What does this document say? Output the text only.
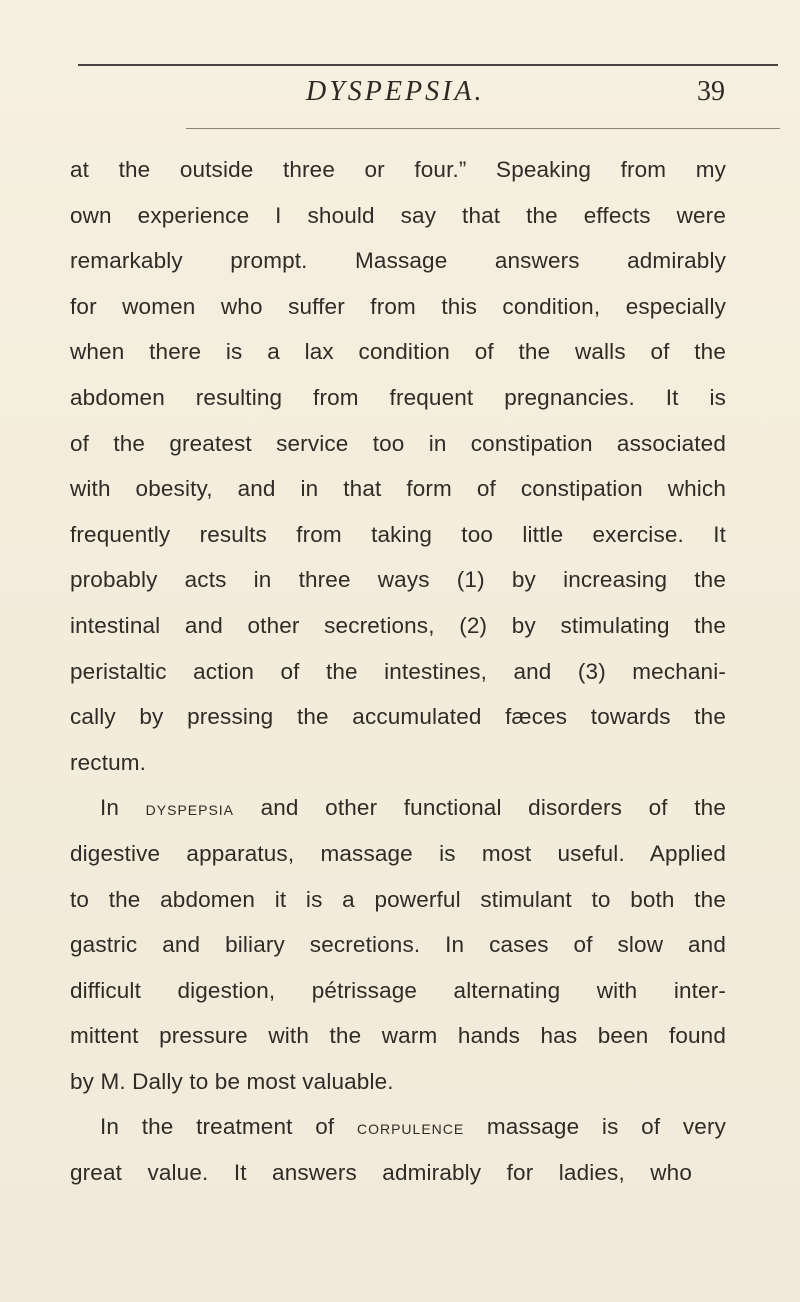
DYSPEPSIA.	39
at the outside three or four.” Speaking from my
own experience I should say that the effects were
remarkably prompt. Massage answers admirably
for women who suffer from this condition, especially
when there is a lax condition of the walls of the
abdomen resulting from frequent pregnancies. It is
of the greatest service too in constipation associated
with obesity, and in that form of constipation which
frequently results from taking too little exercise. It
probably acts in three ways (1) by increasing the
intestinal and other secretions, (2) by stimulating the
peristaltic action of the intestines, and (3) mechani-
cally by pressing the accumulated fæces towards the
rectum.
In dyspepsia and other functional disorders of the
digestive apparatus, massage is most useful. Applied
to the abdomen it is a powerful stimulant to both the
gastric and biliary secretions. In cases of slow and
difficult digestion, pétrissage alternating with inter-
mittent pressure with the warm hands has been found
by M. Dally to be most valuable.
In the treatment of corpulence massage is of very
great value. It answers admirably for ladies, who
